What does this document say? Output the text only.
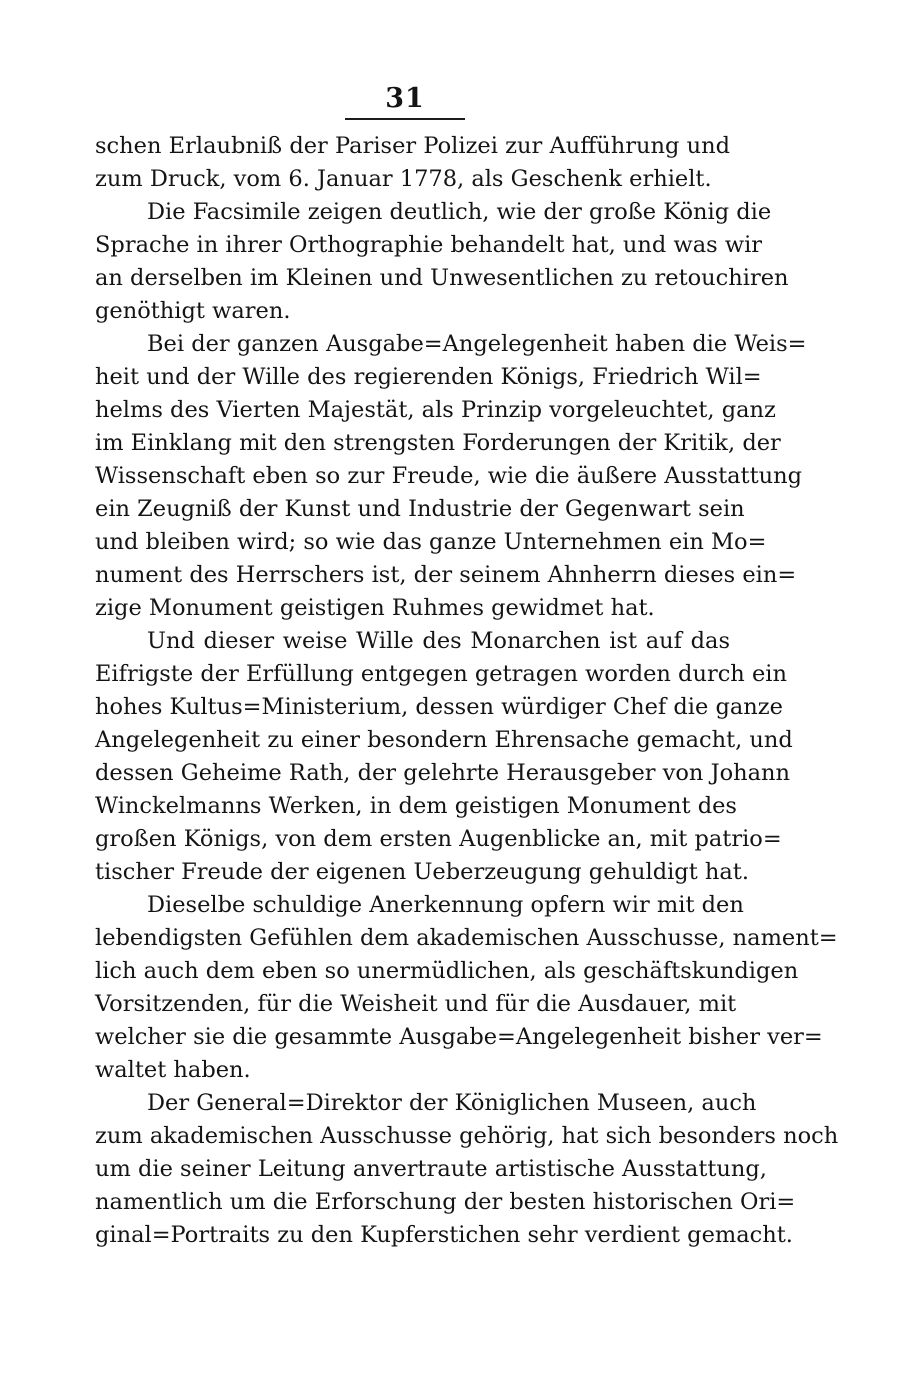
31
schen Erlaubniß der Pariser Polizei zur Aufführung und
zum Druck, vom 6. Januar 1778, als Geschenk erhielt.
Die Facsimile zeigen deutlich, wie der große König die
Sprache in ihrer Orthographie behandelt hat, und was wir
an derselben im Kleinen und Unwesentlichen zu retouchiren
genöthigt waren.
Bei der ganzen Ausgabe=Angelegenheit haben die Weis=
heit und der Wille des regierenden Königs, Friedrich Wil=
helms des Vierten Majestät, als Prinzip vorgeleuchtet, ganz
im Einklang mit den strengsten Forderungen der Kritik, der
Wissenschaft eben so zur Freude, wie die äußere Ausstattung
ein Zeugniß der Kunst und Industrie der Gegenwart sein
und bleiben wird; so wie das ganze Unternehmen ein Mo=
nument des Herrschers ist, der seinem Ahnherrn dieses ein=
zige Monument geistigen Ruhmes gewidmet hat.
Und dieser weise Wille des Monarchen ist auf das
Eifrigste der Erfüllung entgegen getragen worden durch ein
hohes Kultus=Ministerium, dessen würdiger Chef die ganze
Angelegenheit zu einer besondern Ehrensache gemacht, und
dessen Geheime Rath, der gelehrte Herausgeber von Johann
Winckelmanns Werken, in dem geistigen Monument des
großen Königs, von dem ersten Augenblicke an, mit patrio=
tischer Freude der eigenen Ueberzeugung gehuldigt hat.
Dieselbe schuldige Anerkennung opfern wir mit den
lebendigsten Gefühlen dem akademischen Ausschusse, nament=
lich auch dem eben so unermüdlichen, als geschäftskundigen
Vorsitzenden, für die Weisheit und für die Ausdauer, mit
welcher sie die gesammte Ausgabe=Angelegenheit bisher ver=
waltet haben.
Der General=Direktor der Königlichen Museen, auch
zum akademischen Ausschusse gehörig, hat sich besonders noch
um die seiner Leitung anvertraute artistische Ausstattung,
namentlich um die Erforschung der besten historischen Ori=
ginal=Portraits zu den Kupferstichen sehr verdient gemacht.
